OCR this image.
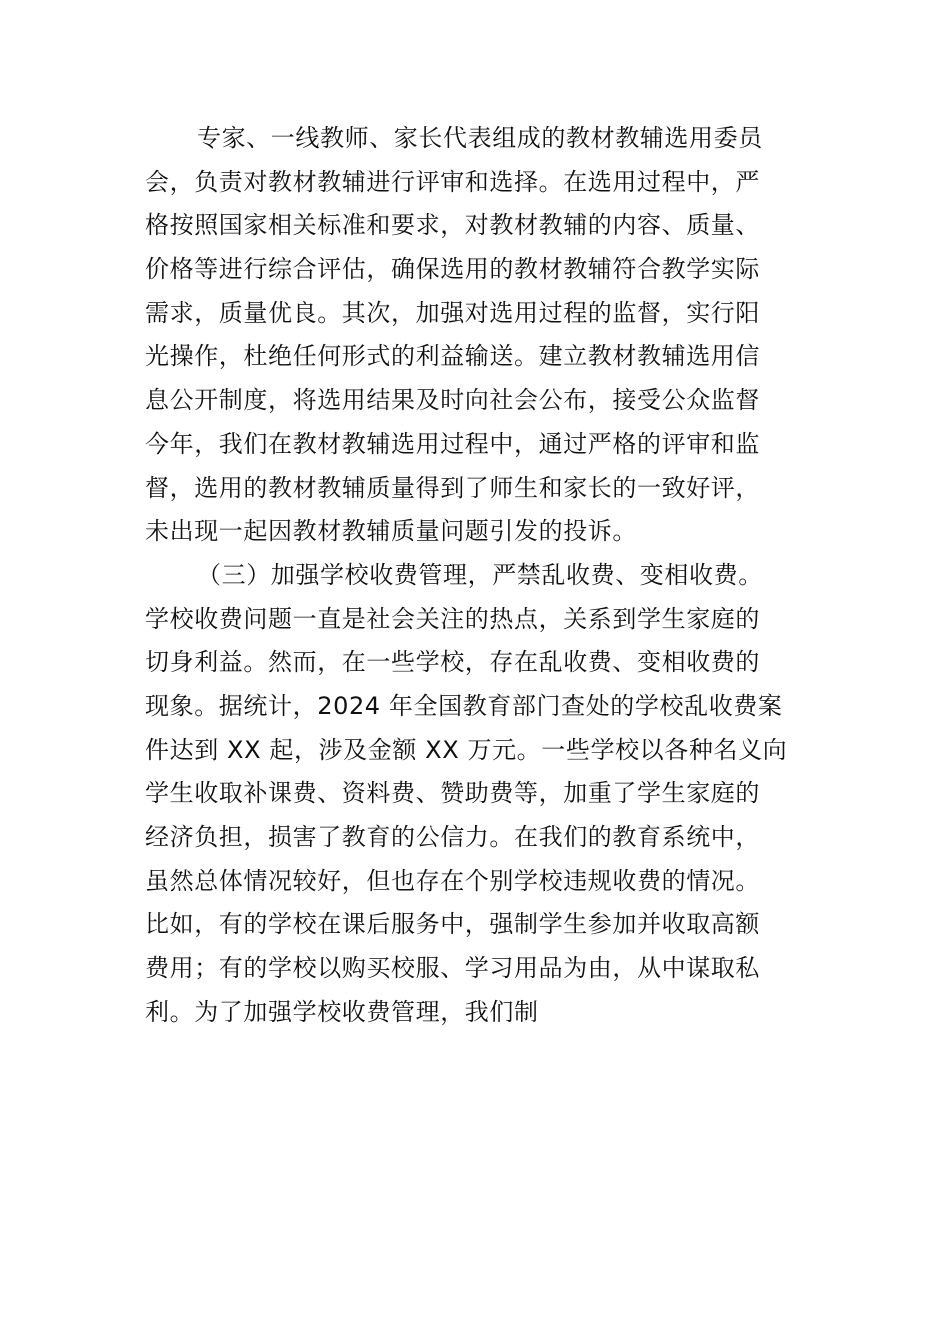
专家、一线教师、家长代表组成的教材教辅选用委员
会，负责对教材教辅进行评审和选择。在选用过程中，严
格按照国家相关标准和要求，对教材教辅的内容、质量、
价格等进行综合评估，确保选用的教材教辅符合教学实际
需求，质量优良。其次，加强对选用过程的监督，实行阳
光操作，杜绝任何形式的利益输送。建立教材教辅选用信
息公开制度，将选用结果及时向社会公布，接受公众监督
今年，我们在教材教辅选用过程中，通过严格的评审和监
督，选用的教材教辅质量得到了师生和家长的一致好评，
未出现一起因教材教辅质量问题引发的投诉。
（三）加强学校收费管理，严禁乱收费、变相收费。
学校收费问题一直是社会关注的热点，关系到学生家庭的
切身利益。然而，在一些学校，存在乱收费、变相收费的
现象。据统计，2024 年全国教育部门查处的学校乱收费案
件达到 XX 起，涉及金额 XX 万元。一些学校以各种名义向
学生收取补课费、资料费、赞助费等，加重了学生家庭的
经济负担，损害了教育的公信力。在我们的教育系统中，
虽然总体情况较好，但也存在个别学校违规收费的情况。
比如，有的学校在课后服务中，强制学生参加并收取高额
费用；有的学校以购买校服、学习用品为由，从中谋取私
利。为了加强学校收费管理，我们制
